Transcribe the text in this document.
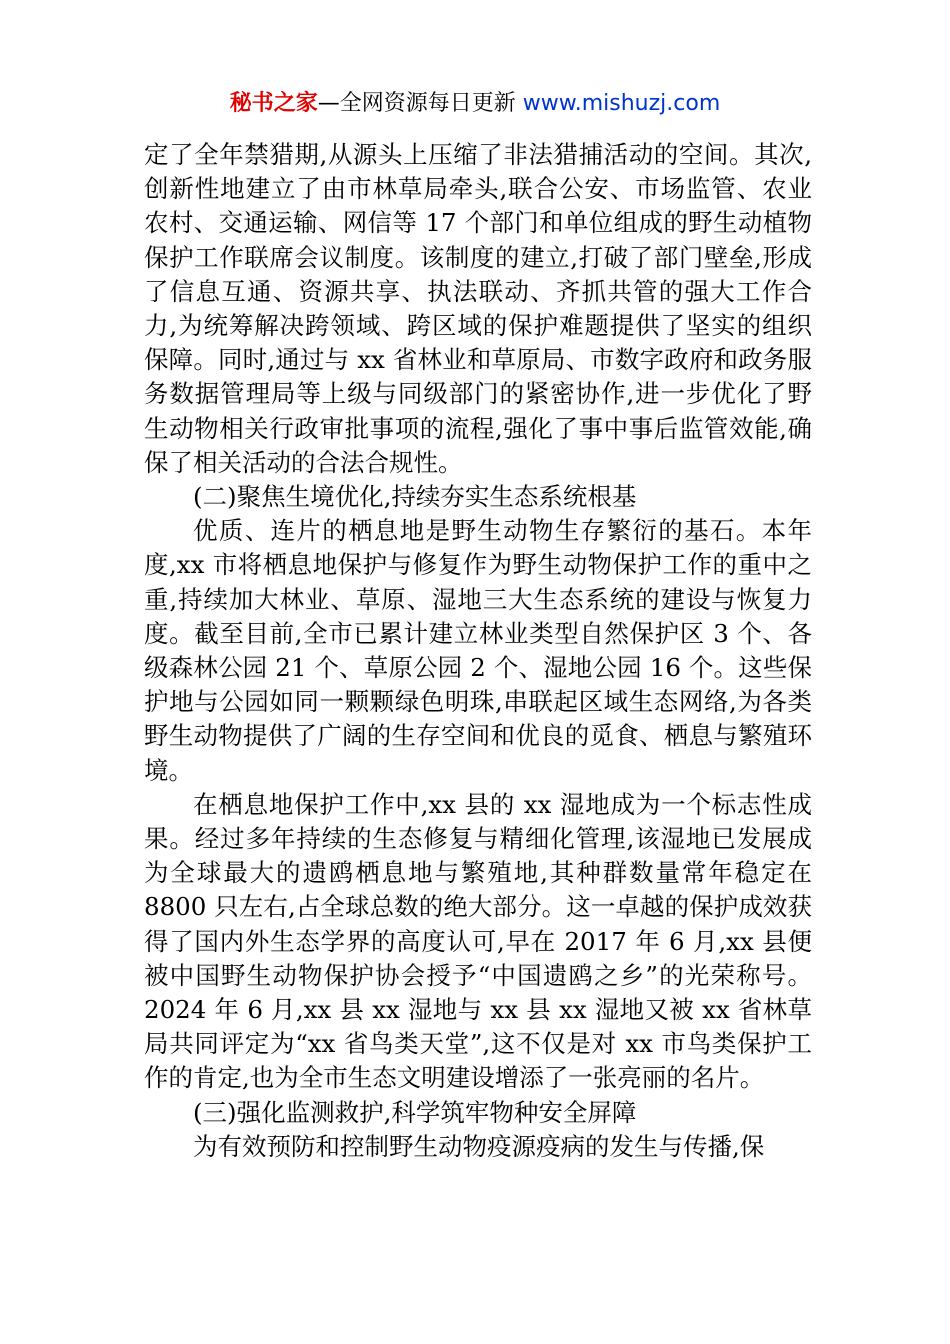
秘书之家—全网资源每日更新 www.mishuzj.com

定了全年禁猎期,从源头上压缩了非法猎捕活动的空间。其次,创新性地建立了由市林草局牵头,联合公安、市场监管、农业农村、交通运输、网信等 17 个部门和单位组成的野生动植物保护工作联席会议制度。该制度的建立,打破了部门壁垒,形成了信息互通、资源共享、执法联动、齐抓共管的强大工作合力,为统筹解决跨领域、跨区域的保护难题提供了坚实的组织保障。同时,通过与 xx 省林业和草原局、市数字政府和政务服务数据管理局等上级与同级部门的紧密协作,进一步优化了野生动物相关行政审批事项的流程,强化了事中事后监管效能,确保了相关活动的合法合规性。

(二)聚焦生境优化,持续夯实生态系统根基

优质、连片的栖息地是野生动物生存繁衍的基石。本年度,xx 市将栖息地保护与修复作为野生动物保护工作的重中之重,持续加大林业、草原、湿地三大生态系统的建设与恢复力度。截至目前,全市已累计建立林业类型自然保护区 3 个、各级森林公园 21 个、草原公园 2 个、湿地公园 16 个。这些保护地与公园如同一颗颗绿色明珠,串联起区域生态网络,为各类野生动物提供了广阔的生存空间和优良的觅食、栖息与繁殖环境。

在栖息地保护工作中,xx 县的 xx 湿地成为一个标志性成果。经过多年持续的生态修复与精细化管理,该湿地已发展成为全球最大的遗鸥栖息地与繁殖地,其种群数量常年稳定在 8800 只左右,占全球总数的绝大部分。这一卓越的保护成效获得了国内外生态学界的高度认可,早在 2017 年 6 月,xx 县便被中国野生动物保护协会授予“中国遗鸥之乡”的光荣称号。2024 年 6 月,xx 县 xx 湿地与 xx 县 xx 湿地又被 xx 省林草局共同评定为“xx 省鸟类天堂”,这不仅是对 xx 市鸟类保护工作的肯定,也为全市生态文明建设增添了一张亮丽的名片。

(三)强化监测救护,科学筑牢物种安全屏障

为有效预防和控制野生动物疫源疫病的发生与传播,保
